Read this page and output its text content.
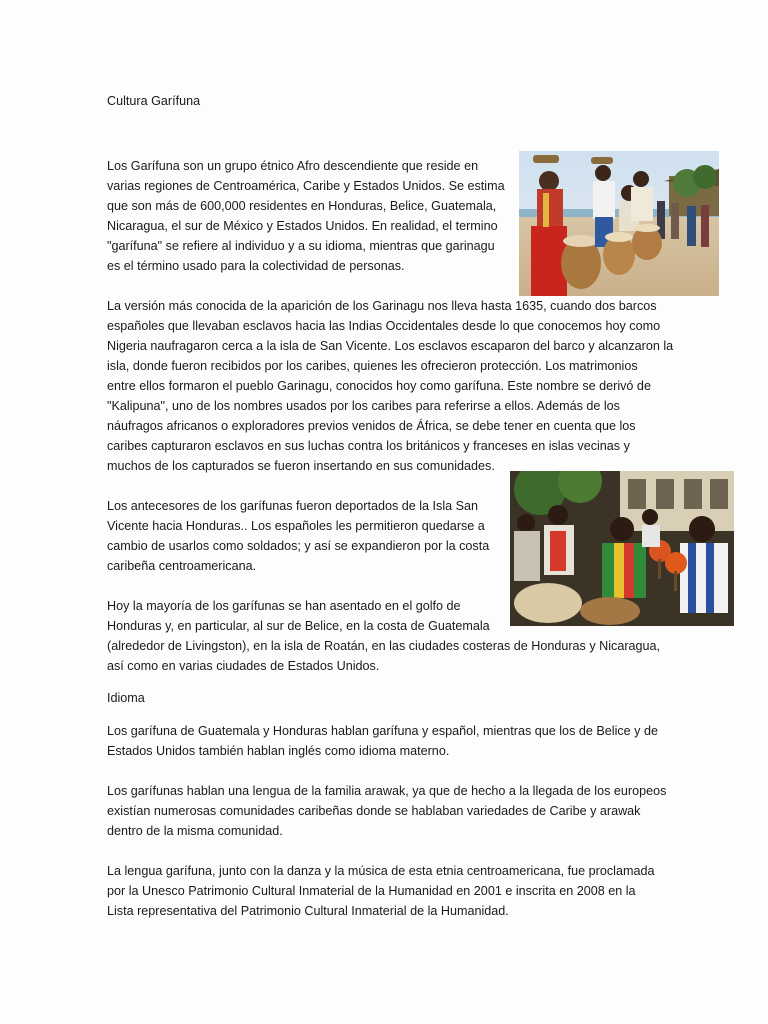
Cultura Garífuna

Los Garífuna son un grupo étnico Afro descendiente que reside en

varias regiones de Centroamérica, Caribe y Estados Unidos. Se estima

que son más de 600,000 residentes en Honduras, Belice, Guatemala,

Nicaragua, el sur de México y Estados Unidos. En realidad, el termino

"garífuna" se refiere al individuo y a su idioma, mientras que garinagu

es el término usado para la colectividad de personas.

La versión más conocida de la aparición de los Garinagu nos lleva hasta 1635, cuando dos barcos

españoles que llevaban esclavos hacia las Indias Occidentales desde lo que conocemos hoy como

Nigeria naufragaron cerca a la isla de San Vicente. Los esclavos escaparon del barco y alcanzaron la

isla, donde fueron recibidos por los caribes, quienes les ofrecieron protección. Los matrimonios

entre ellos formaron el pueblo Garinagu, conocidos hoy como garífuna. Este nombre se derivó de

"Kalipuna", uno de los nombres usados por los caribes para referirse a ellos. Además de los

náufragos africanos o exploradores previos venidos de África, se debe tener en cuenta que los

caribes capturaron esclavos en sus luchas contra los británicos y franceses en islas vecinas y

muchos de los capturados se fueron insertando en sus comunidades.

Los antecesores de los garífunas fueron deportados de la Isla San

Vicente hacia Honduras.. Los españoles les permitieron quedarse a

cambio de usarlos como soldados; y así se expandieron por la costa

caribeña centroamericana.

Hoy la mayoría de los garífunas se han asentado en el golfo de

Honduras y, en particular, al sur de Belice, en la costa de Guatemala

(alrededor de Livingston), en la isla de Roatán, en las ciudades costeras de Honduras y Nicaragua,

así como en varias ciudades de Estados Unidos.

Idioma

Los garífuna de Guatemala y Honduras hablan garífuna y español, mientras que los de Belice y de

Estados Unidos también hablan inglés como idioma materno.

Los garífunas hablan una lengua de la familia arawak, ya que de hecho a la llegada de los europeos

existían numerosas comunidades caribeñas donde se hablaban variedades de Caribe y arawak

dentro de la misma comunidad.

La lengua garífuna, junto con la danza y la música de esta etnia centroamericana, fue proclamada

por la Unesco Patrimonio Cultural Inmaterial de la Humanidad en 2001 e inscrita en 2008 en la

Lista representativa del Patrimonio Cultural Inmaterial de la Humanidad.
